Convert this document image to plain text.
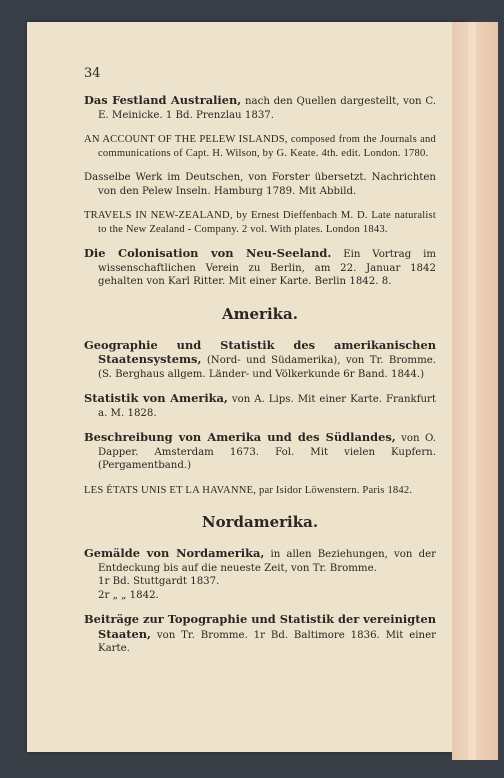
34
Das Festland Australien, nach den Quellen dargestellt, von C. E. Meinicke. 1 Bd. Prenzlau 1837.
AN ACCOUNT OF THE PELEW ISLANDS, composed from the Journals and communications of Capt. H. Wilson, by G. Keate. 4th. edit. London. 1780.
Dasselbe Werk im Deutschen, von Forster übersetzt. Nachrichten von den Pelew Inseln. Hamburg 1789. Mit Abbild.
TRAVELS IN NEW-ZEALAND, by Ernest Dieffenbach M. D. Late naturalist to the New Zealand - Company. 2 vol. With plates. London 1843.
Die Colonisation von Neu-Seeland. Ein Vortrag im wissenschaftlichen Verein zu Berlin, am 22. Januar 1842 gehalten von Karl Ritter. Mit einer Karte. Berlin 1842. 8.
Amerika.
Geographie und Statistik des amerikanischen Staatensystems, (Nord- und Südamerika), von Tr. Bromme. (S. Berghaus allgem. Länder- und Völkerkunde 6r Band. 1844.)
Statistik von Amerika, von A. Lips. Mit einer Karte. Frankfurt a. M. 1828.
Beschreibung von Amerika und des Südlandes, von O. Dapper. Amsterdam 1673. Fol. Mit vielen Kupfern. (Pergamentband.)
LES ÉTATS UNIS ET LA HAVANNE, par Isidor Löwenstern. Paris 1842.
Nordamerika.
Gemälde von Nordamerika, in allen Beziehungen, von der Entdeckung bis auf die neueste Zeit, von Tr. Bromme.
1r Bd. Stuttgardt 1837.
2r „ „ 1842.
Beiträge zur Topographie und Statistik der vereinigten Staaten, von Tr. Bromme. 1r Bd. Baltimore 1836. Mit einer Karte.
